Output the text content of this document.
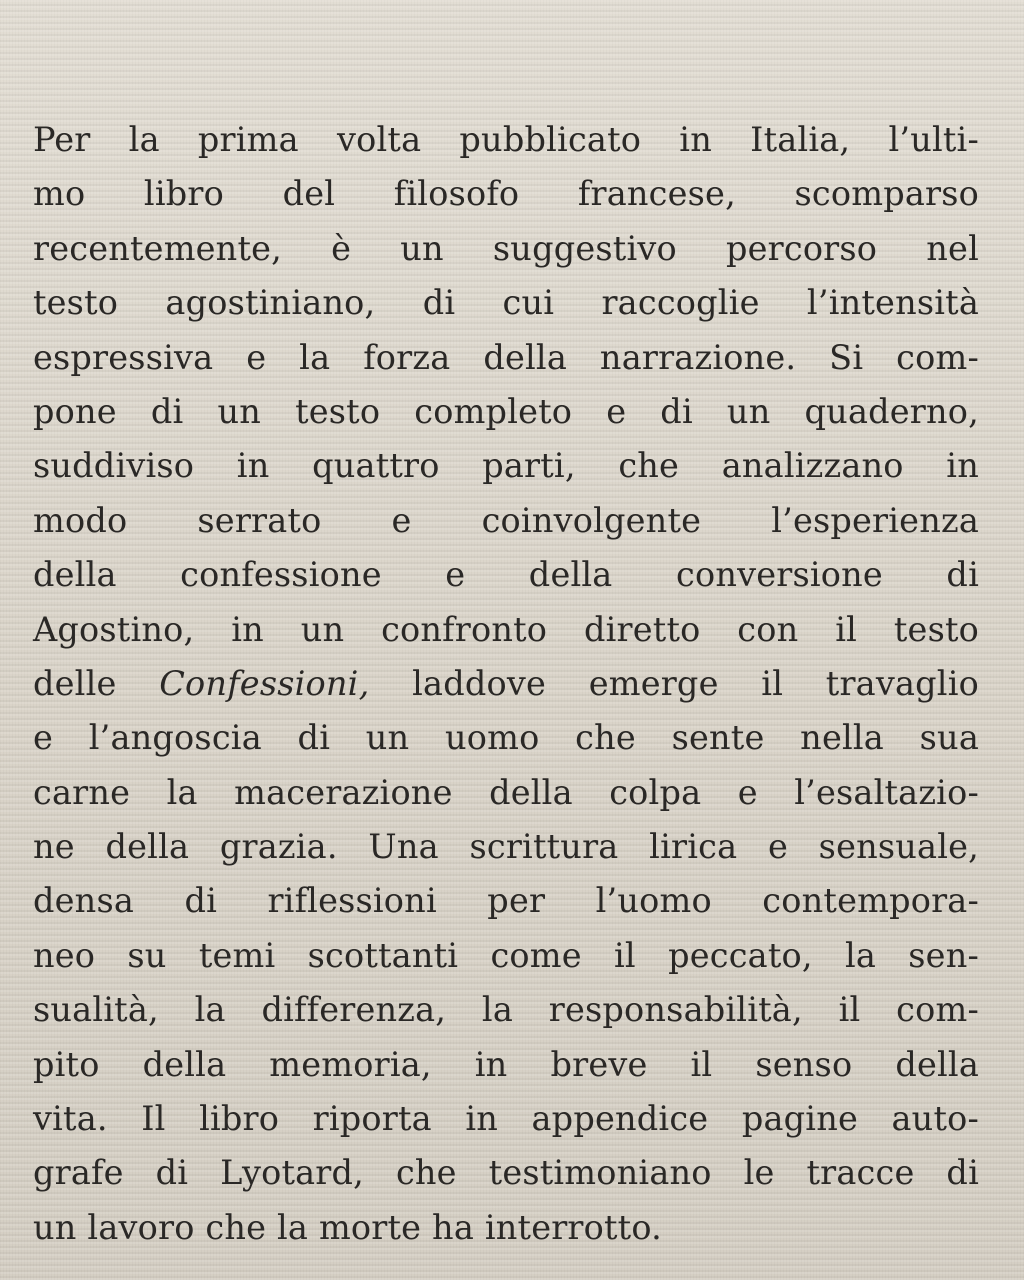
Per la prima volta pubblicato in Italia, l’ulti-
mo libro del filosofo francese, scomparso
recentemente, è un suggestivo percorso nel
testo agostiniano, di cui raccoglie l’intensità
espressiva e la forza della narrazione. Si com-
pone di un testo completo e di un quaderno,
suddiviso in quattro parti, che analizzano in
modo serrato e coinvolgente l’esperienza
della confessione e della conversione di
Agostino, in un confronto diretto con il testo
delle Confessioni, laddove emerge il travaglio
e l’angoscia di un uomo che sente nella sua
carne la macerazione della colpa e l’esaltazio-
ne della grazia. Una scrittura lirica e sensuale,
densa di riflessioni per l’uomo contempora-
neo su temi scottanti come il peccato, la sen-
sualità, la differenza, la responsabilità, il com-
pito della memoria, in breve il senso della
vita. Il libro riporta in appendice pagine auto-
grafe di Lyotard, che testimoniano le tracce di
un lavoro che la morte ha interrotto.
